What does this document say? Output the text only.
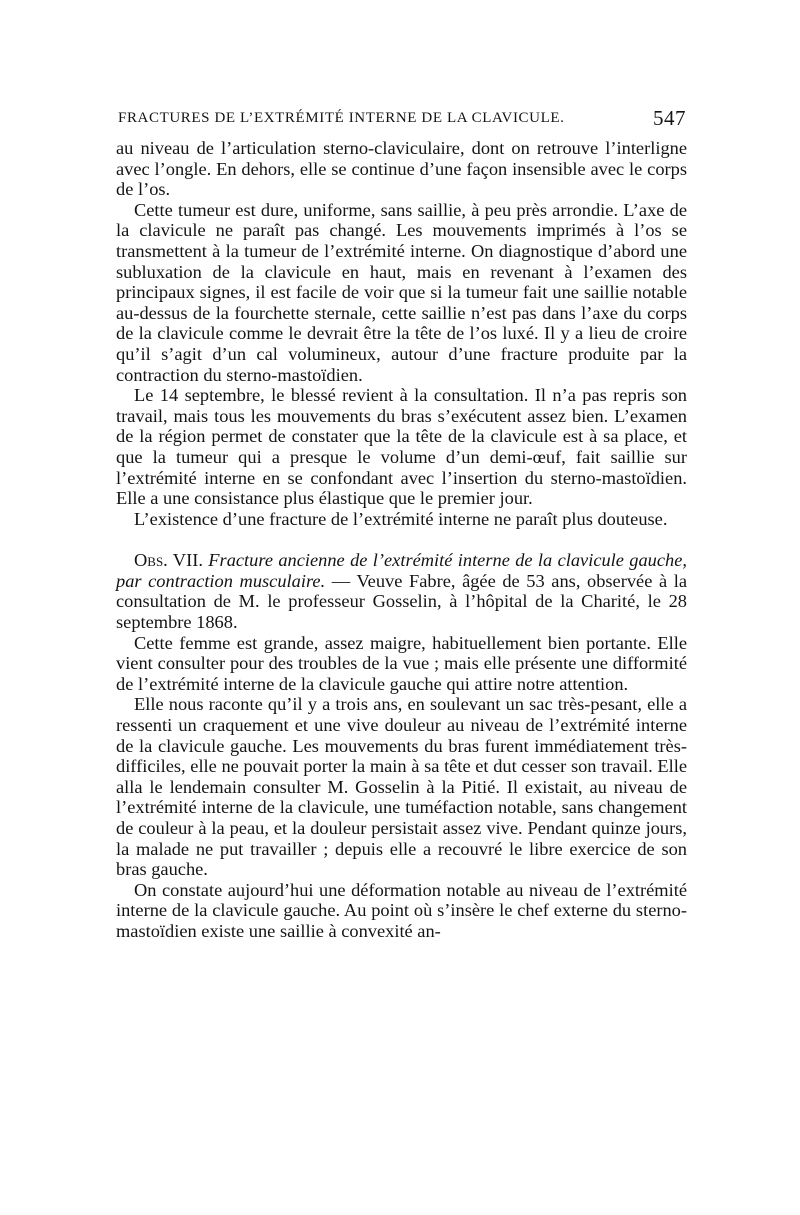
FRACTURES DE L’EXTRÉMITÉ INTERNE DE LA CLAVICULE.	547

au niveau de l’articulation sterno-claviculaire, dont on retrouve l’interligne avec l’ongle. En dehors, elle se continue d’une façon insensible avec le corps de l’os.

Cette tumeur est dure, uniforme, sans saillie, à peu près arrondie. L’axe de la clavicule ne paraît pas changé. Les mouvements imprimés à l’os se transmettent à la tumeur de l’extrémité interne. On diagnostique d’abord une subluxation de la clavicule en haut, mais en revenant à l’examen des principaux signes, il est facile de voir que si la tumeur fait une saillie notable au-dessus de la fourchette sternale, cette saillie n’est pas dans l’axe du corps de la clavicule comme le devrait être la tête de l’os luxé. Il y a lieu de croire qu’il s’agit d’un cal volumineux, autour d’une fracture produite par la contraction du sterno-mastoïdien.

Le 14 septembre, le blessé revient à la consultation. Il n’a pas repris son travail, mais tous les mouvements du bras s’exécutent assez bien. L’examen de la région permet de constater que la tête de la clavicule est à sa place, et que la tumeur qui a presque le volume d’un demi-œuf, fait saillie sur l’extrémité interne en se confondant avec l’insertion du sterno-mastoïdien. Elle a une consistance plus élastique que le premier jour.

L’existence d’une fracture de l’extrémité interne ne paraît plus douteuse.

Obs. VII. Fracture ancienne de l’extrémité interne de la clavicule gauche, par contraction musculaire. — Veuve Fabre, âgée de 53 ans, observée à la consultation de M. le professeur Gosselin, à l’hôpital de la Charité, le 28 septembre 1868.

Cette femme est grande, assez maigre, habituellement bien portante. Elle vient consulter pour des troubles de la vue ; mais elle présente une difformité de l’extrémité interne de la clavicule gauche qui attire notre attention.

Elle nous raconte qu’il y a trois ans, en soulevant un sac très-pesant, elle a ressenti un craquement et une vive douleur au niveau de l’extrémité interne de la clavicule gauche. Les mouvements du bras furent immédiatement très-difficiles, elle ne pouvait porter la main à sa tête et dut cesser son travail. Elle alla le lendemain consulter M. Gosselin à la Pitié. Il existait, au niveau de l’extrémité interne de la clavicule, une tuméfaction notable, sans changement de couleur à la peau, et la douleur persistait assez vive. Pendant quinze jours, la malade ne put travailler ; depuis elle a recouvré le libre exercice de son bras gauche.

On constate aujourd’hui une déformation notable au niveau de l’extrémité interne de la clavicule gauche. Au point où s’insère le chef externe du sterno-mastoïdien existe une saillie à convexité an-
